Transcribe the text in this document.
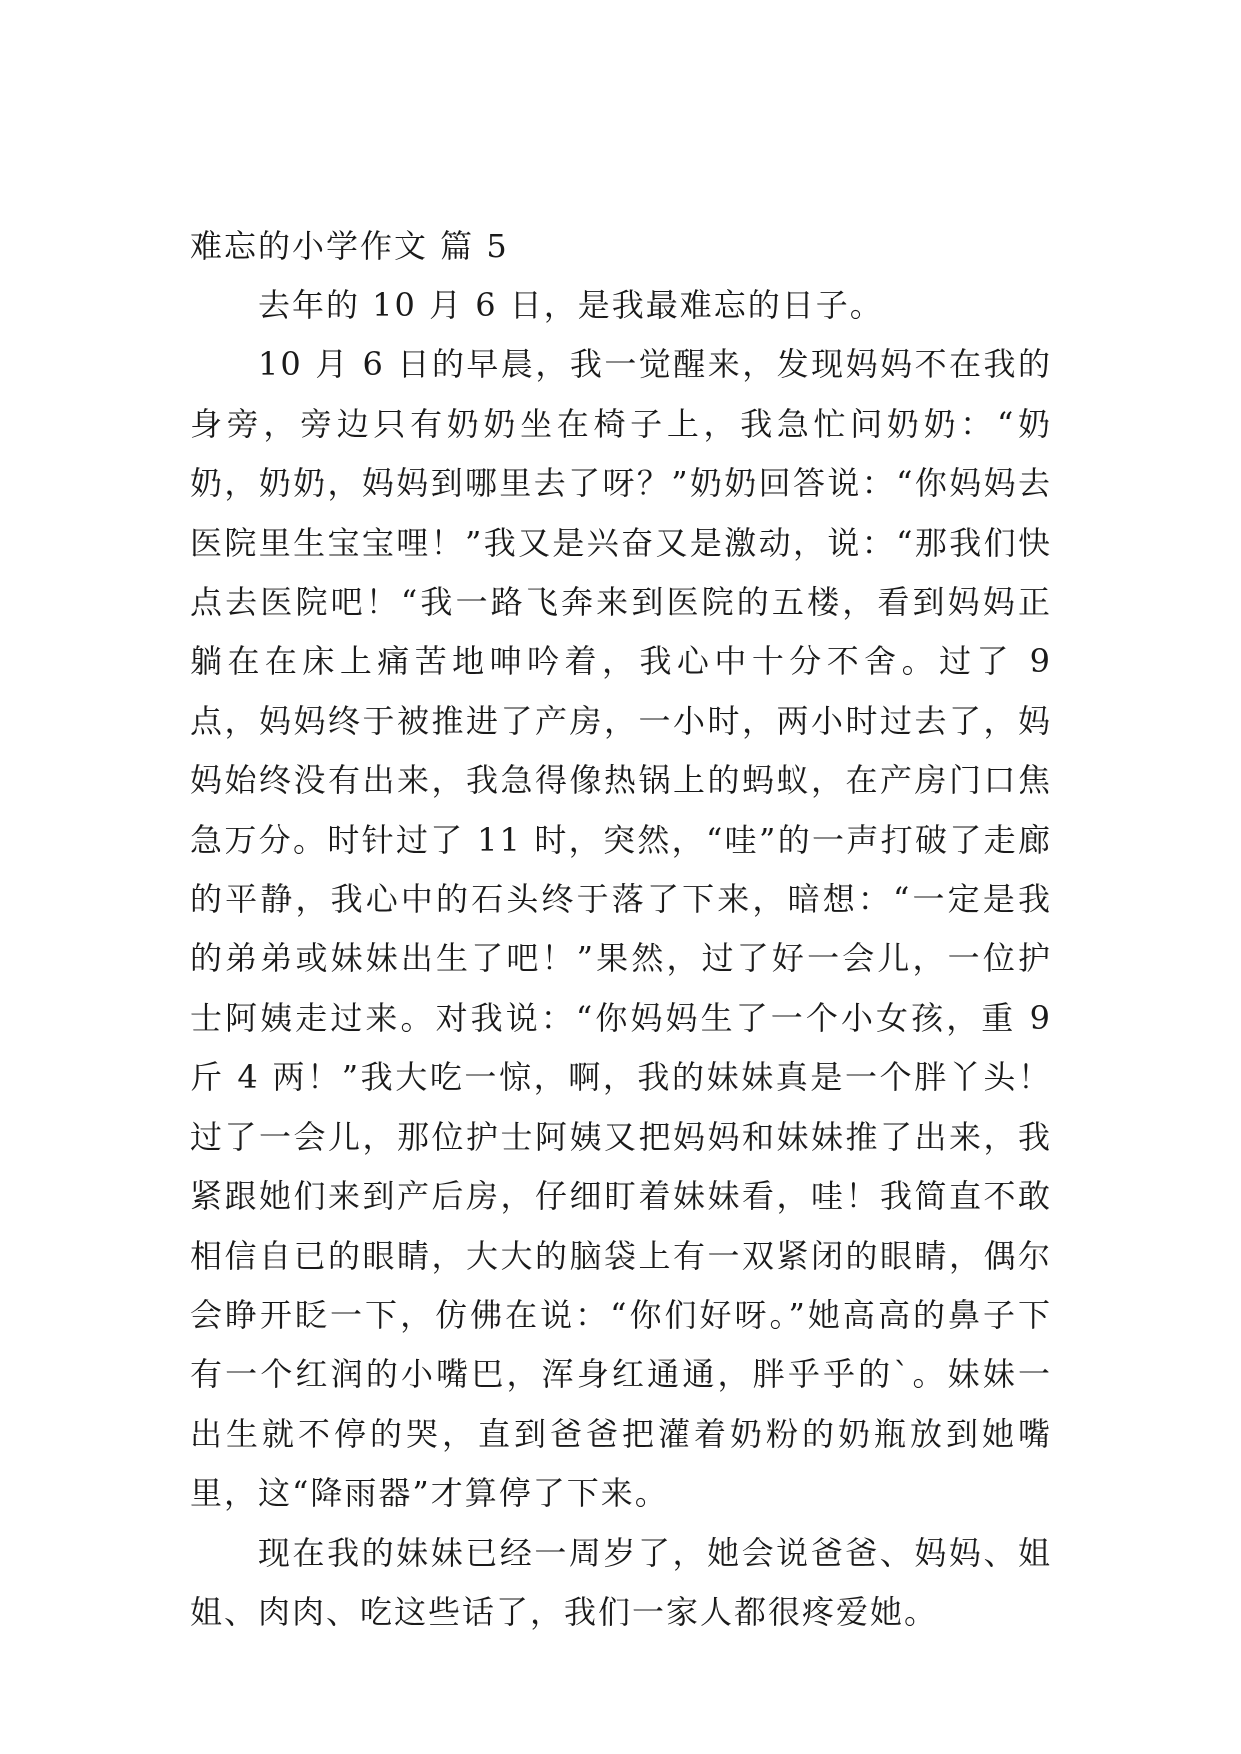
难忘的小学作文 篇 5

去年的 10 月 6 日，是我最难忘的日子。

10 月 6 日的早晨，我一觉醒来，发现妈妈不在我的身旁，旁边只有奶奶坐在椅子上，我急忙问奶奶：“奶奶，奶奶，妈妈到哪里去了呀？”奶奶回答说：“你妈妈去医院里生宝宝哩！”我又是兴奋又是激动，说：“那我们快点去医院吧！“我一路飞奔来到医院的五楼，看到妈妈正躺在在床上痛苦地呻吟着，我心中十分不舍。过了 9 点，妈妈终于被推进了产房，一小时，两小时过去了，妈妈始终没有出来，我急得像热锅上的蚂蚁，在产房门口焦急万分。时针过了 11 时，突然，“哇”的一声打破了走廊的平静，我心中的石头终于落了下来，暗想：“一定是我的弟弟或妹妹出生了吧！”果然，过了好一会儿，一位护士阿姨走过来。对我说：“你妈妈生了一个小女孩，重 9 斤 4 两！”我大吃一惊，啊，我的妹妹真是一个胖丫头！过了一会儿，那位护士阿姨又把妈妈和妹妹推了出来，我紧跟她们来到产后房，仔细盯着妹妹看，哇！我简直不敢相信自已的眼睛，大大的脑袋上有一双紧闭的眼睛，偶尔会睁开眨一下，仿佛在说：“你们好呀。”她高高的鼻子下有一个红润的小嘴巴，浑身红通通，胖乎乎的`。妹妹一出生就不停的哭，直到爸爸把灌着奶粉的奶瓶放到她嘴里，这“降雨器”才算停了下来。

现在我的妹妹已经一周岁了，她会说爸爸、妈妈、姐姐、肉肉、吃这些话了，我们一家人都很疼爱她。
